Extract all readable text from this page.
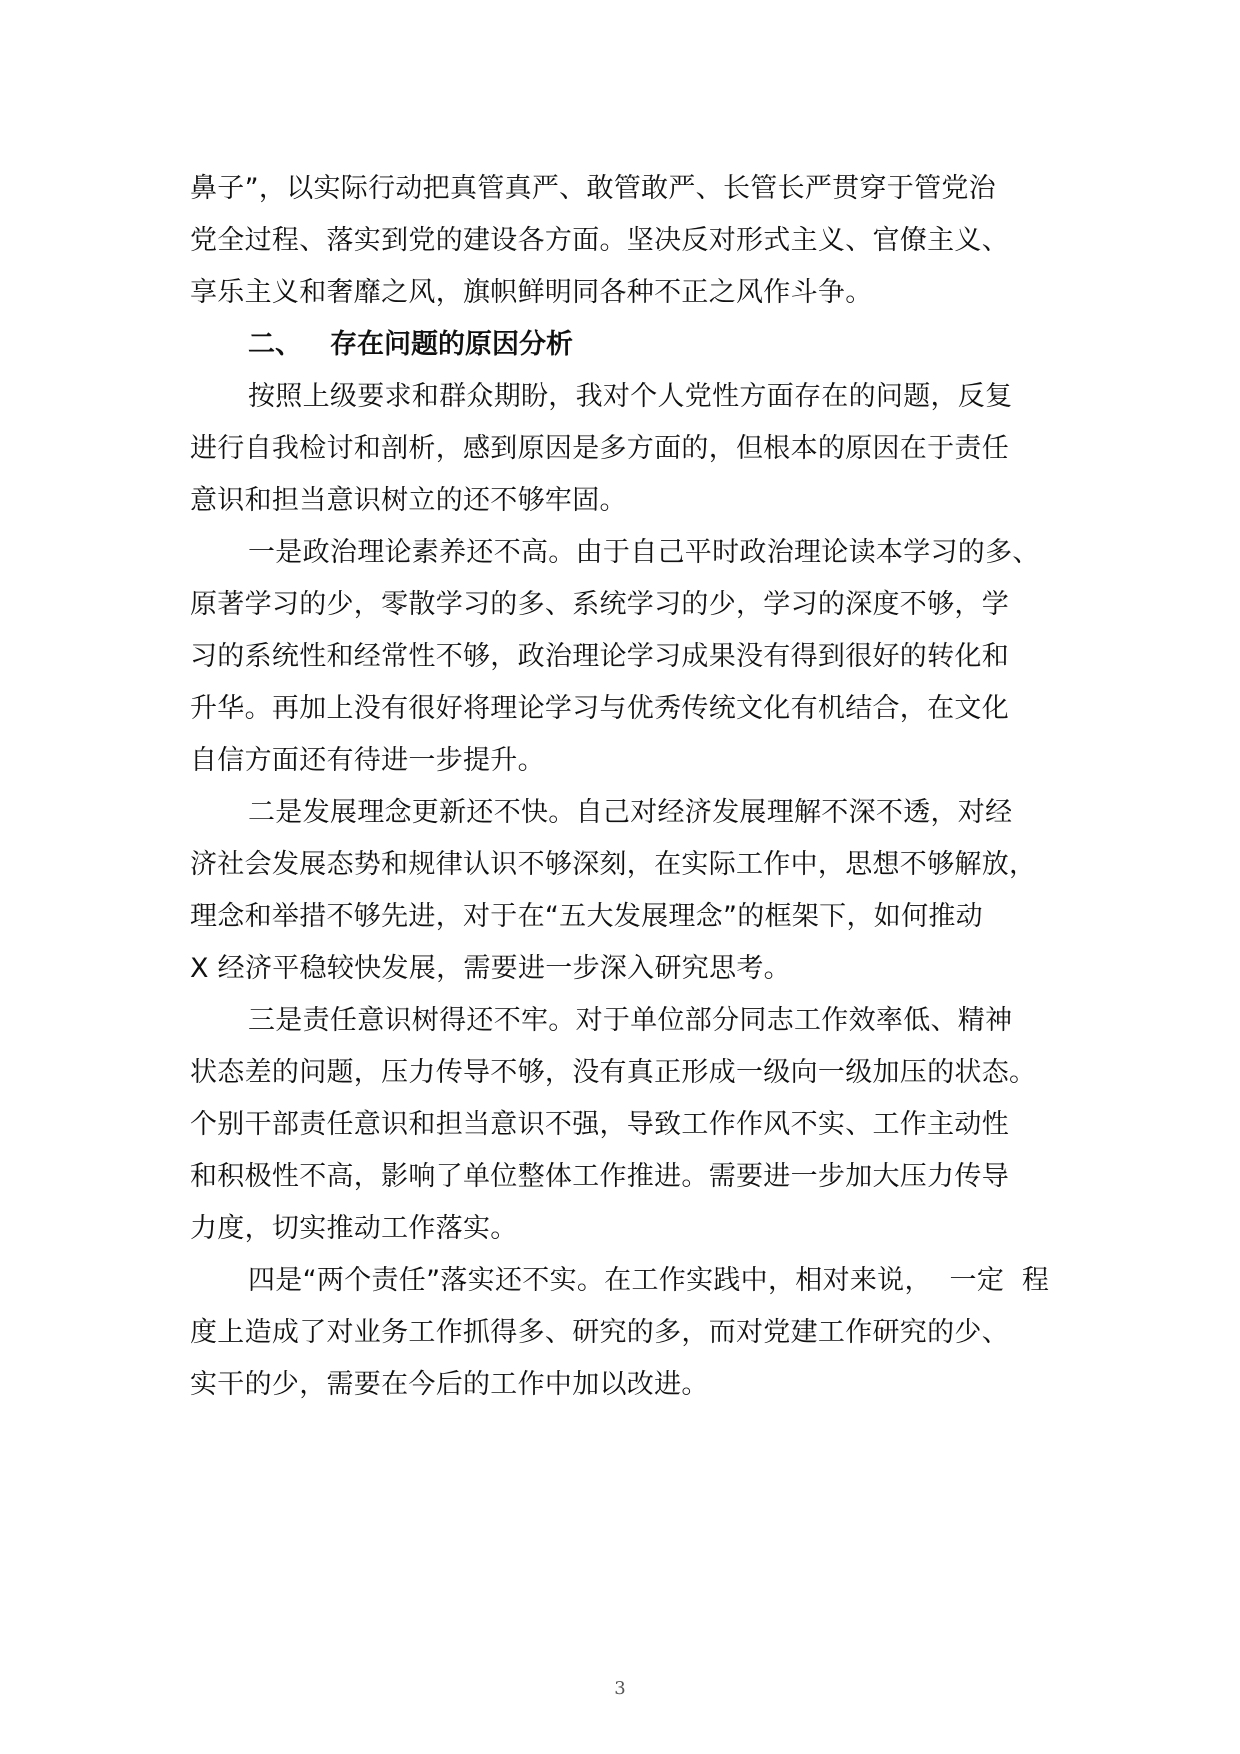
鼻子”，以实际行动把真管真严、敢管敢严、长管长严贯穿于管党治
党全过程、落实到党的建设各方面。坚决反对形式主义、官僚主义、
享乐主义和奢靡之风，旗帜鲜明同各种不正之风作斗争。

二、 存在问题的原因分析

按照上级要求和群众期盼，我对个人党性方面存在的问题，反复
进行自我检讨和剖析，感到原因是多方面的，但根本的原因在于责任
意识和担当意识树立的还不够牢固。

一是政治理论素养还不高。由于自己平时政治理论读本学习的多、
原著学习的少，零散学习的多、系统学习的少，学习的深度不够，学
习的系统性和经常性不够，政治理论学习成果没有得到很好的转化和
升华。再加上没有很好将理论学习与优秀传统文化有机结合，在文化
自信方面还有待进一步提升。

二是发展理念更新还不快。自己对经济发展理解不深不透，对经
济社会发展态势和规律认识不够深刻，在实际工作中，思想不够解放，
理念和举措不够先进，对于在“五大发展理念”的框架下，如何推动
X 经济平稳较快发展，需要进一步深入研究思考。

三是责任意识树得还不牢。对于单位部分同志工作效率低、精神
状态差的问题，压力传导不够，没有真正形成一级向一级加压的状态。
个别干部责任意识和担当意识不强，导致工作作风不实、工作主动性
和积极性不高，影响了单位整体工作推进。需要进一步加大压力传导
力度，切实推动工作落实。

四是“两个责任”落实还不实。在工作实践中，相对来说，  一定  程
度上造成了对业务工作抓得多、研究的多，而对党建工作研究的少、
实干的少，需要在今后的工作中加以改进。

3
